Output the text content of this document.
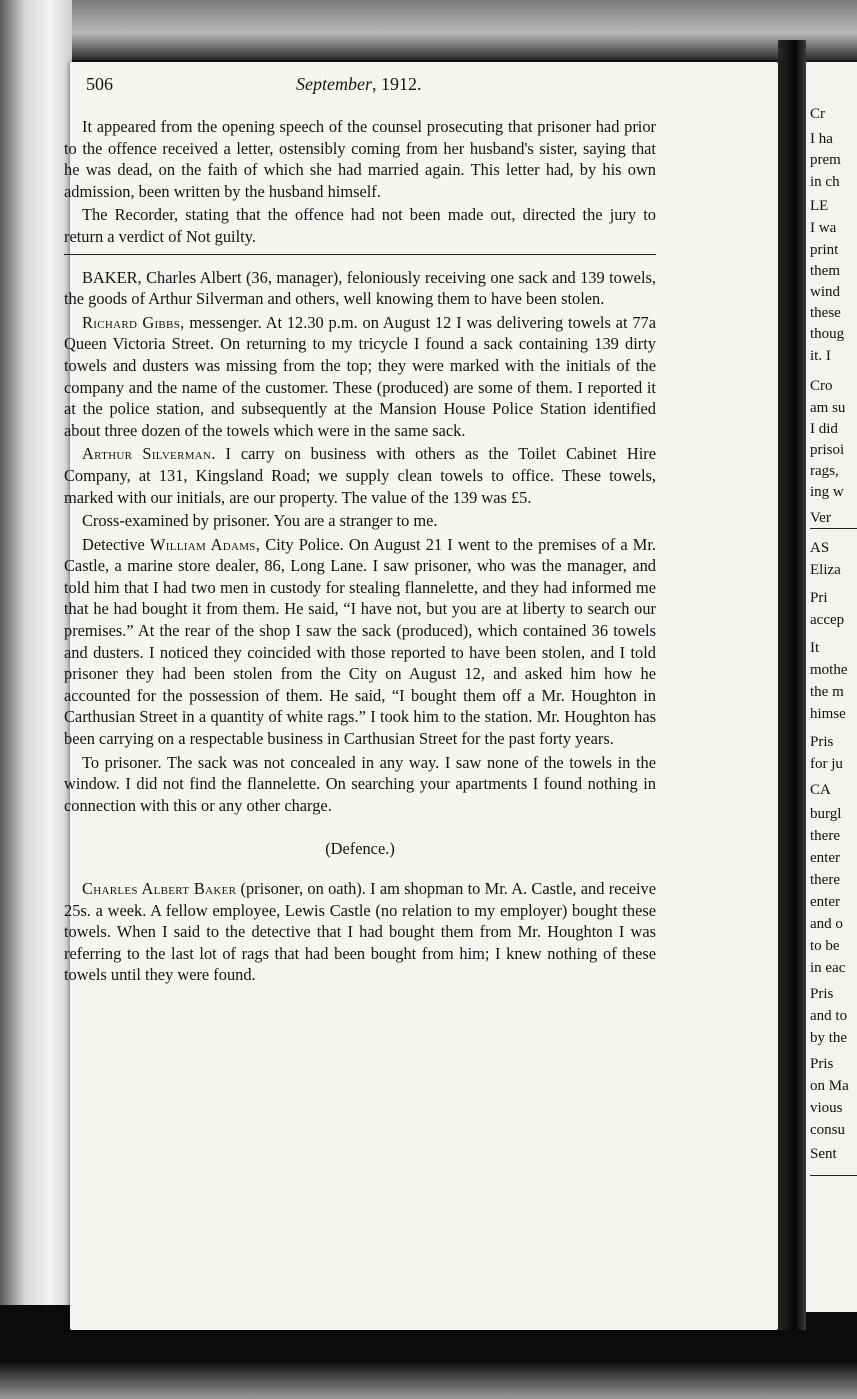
Cr
I ha
prem
in ch
LE
I wa
print
them
wind
these
thoug
it. I
Cro
am su
I did
prisoi
rags,
ing w
Ver
AS
Eliza
Pri
accep
It
mothe
the m
himse
Pris
for ju
CA
burgl
there
enter
there
enter
and o
to be
in eac
Pris
and to
by the
Pris
on Ma
vious
consu
Sent
506	September, 1912.

It appeared from the opening speech of the counsel prosecuting that prisoner had prior to the offence received a letter, ostensibly coming from her husband's sister, saying that he was dead, on the faith of which she had married again. This letter had, by his own admission, been written by the husband himself.

The Recorder, stating that the offence had not been made out, directed the jury to return a verdict of Not guilty.

BAKER, Charles Albert (36, manager), feloniously receiving one sack and 139 towels, the goods of Arthur Silverman and others, well knowing them to have been stolen.

Richard Gibbs, messenger. At 12.30 p.m. on August 12 I was delivering towels at 77a Queen Victoria Street. On returning to my tricycle I found a sack containing 139 dirty towels and dusters was missing from the top; they were marked with the initials of the company and the name of the customer. These (produced) are some of them. I reported it at the police station, and subsequently at the Mansion House Police Station identified about three dozen of the towels which were in the same sack.

Arthur Silverman. I carry on business with others as the Toilet Cabinet Hire Company, at 131, Kingsland Road; we supply clean towels to office. These towels, marked with our initials, are our property. The value of the 139 was £5.

Cross-examined by prisoner. You are a stranger to me.

Detective William Adams, City Police. On August 21 I went to the premises of a Mr. Castle, a marine store dealer, 86, Long Lane. I saw prisoner, who was the manager, and told him that I had two men in custody for stealing flannelette, and they had informed me that he had bought it from them. He said, “I have not, but you are at liberty to search our premises.” At the rear of the shop I saw the sack (produced), which contained 36 towels and dusters. I noticed they coincided with those reported to have been stolen, and I told prisoner they had been stolen from the City on August 12, and asked him how he accounted for the possession of them. He said, “I bought them off a Mr. Houghton in Carthusian Street in a quantity of white rags.” I took him to the station. Mr. Houghton has been carrying on a respectable business in Carthusian Street for the past forty years.

To prisoner. The sack was not concealed in any way. I saw none of the towels in the window. I did not find the flannelette. On searching your apartments I found nothing in connection with this or any other charge.

(Defence.)

Charles Albert Baker (prisoner, on oath). I am shopman to Mr. A. Castle, and receive 25s. a week. A fellow employee, Lewis Castle (no relation to my employer) bought these towels. When I said to the detective that I had bought them from Mr. Houghton I was referring to the last lot of rags that had been bought from him; I knew nothing of these towels until they were found.
